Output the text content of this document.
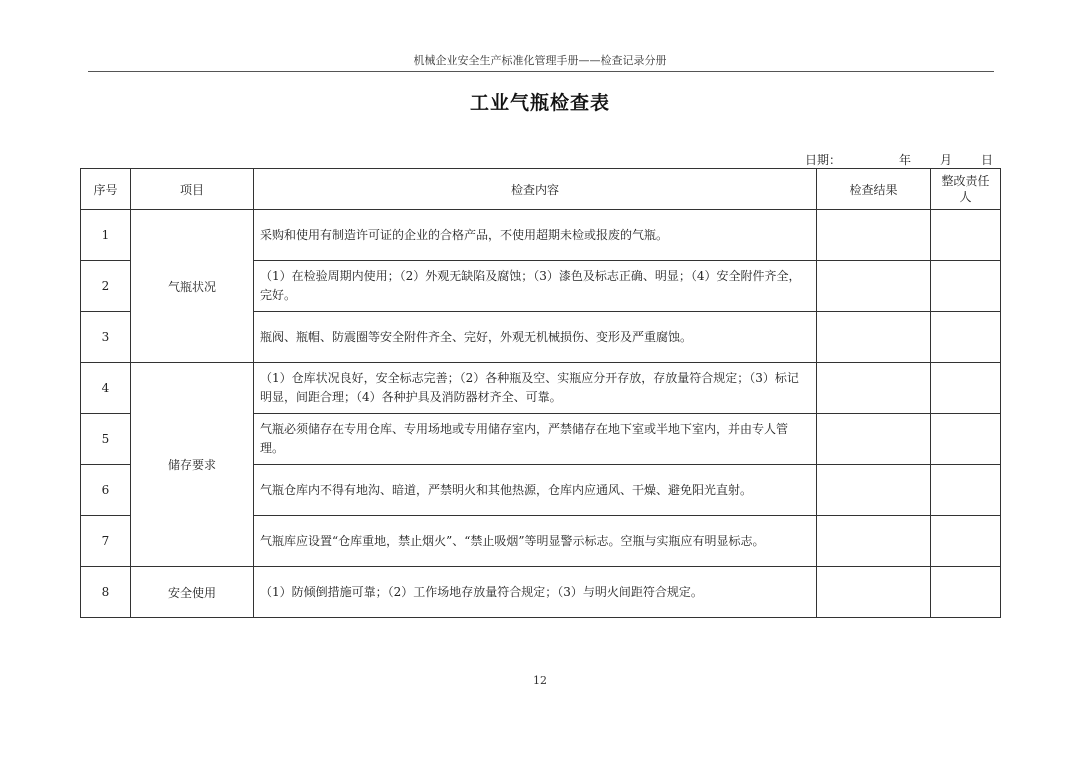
机械企业安全生产标准化管理手册——检查记录分册
工业气瓶检查表
日期：	年 月 日
序号	项目	检查内容	检查结果	整改责任人
1	气瓶状况	采购和使用有制造许可证的企业的合格产品，不使用超期未检或报废的气瓶。		
2		（1）在检验周期内使用；（2）外观无缺陷及腐蚀；（3）漆色及标志正确、明显；（4）安全附件齐全，完好。		
3		瓶阀、瓶帽、防震圈等安全附件齐全、完好，外观无机械损伤、变形及严重腐蚀。		
4	储存要求	（1）仓库状况良好，安全标志完善；（2）各种瓶及空、实瓶应分开存放，存放量符合规定；（3）标记明显，间距合理；（4）各种护具及消防器材齐全、可靠。		
5		气瓶必须储存在专用仓库、专用场地或专用储存室内，严禁储存在地下室或半地下室内，并由专人管理。		
6		气瓶仓库内不得有地沟、暗道，严禁明火和其他热源，仓库内应通风、干燥、避免阳光直射。		
7		气瓶库应设置“仓库重地，禁止烟火”、“禁止吸烟”等明显警示标志。空瓶与实瓶应有明显标志。		
8	安全使用	（1）防倾倒措施可靠；（2）工作场地存放量符合规定；（3）与明火间距符合规定。		
12
